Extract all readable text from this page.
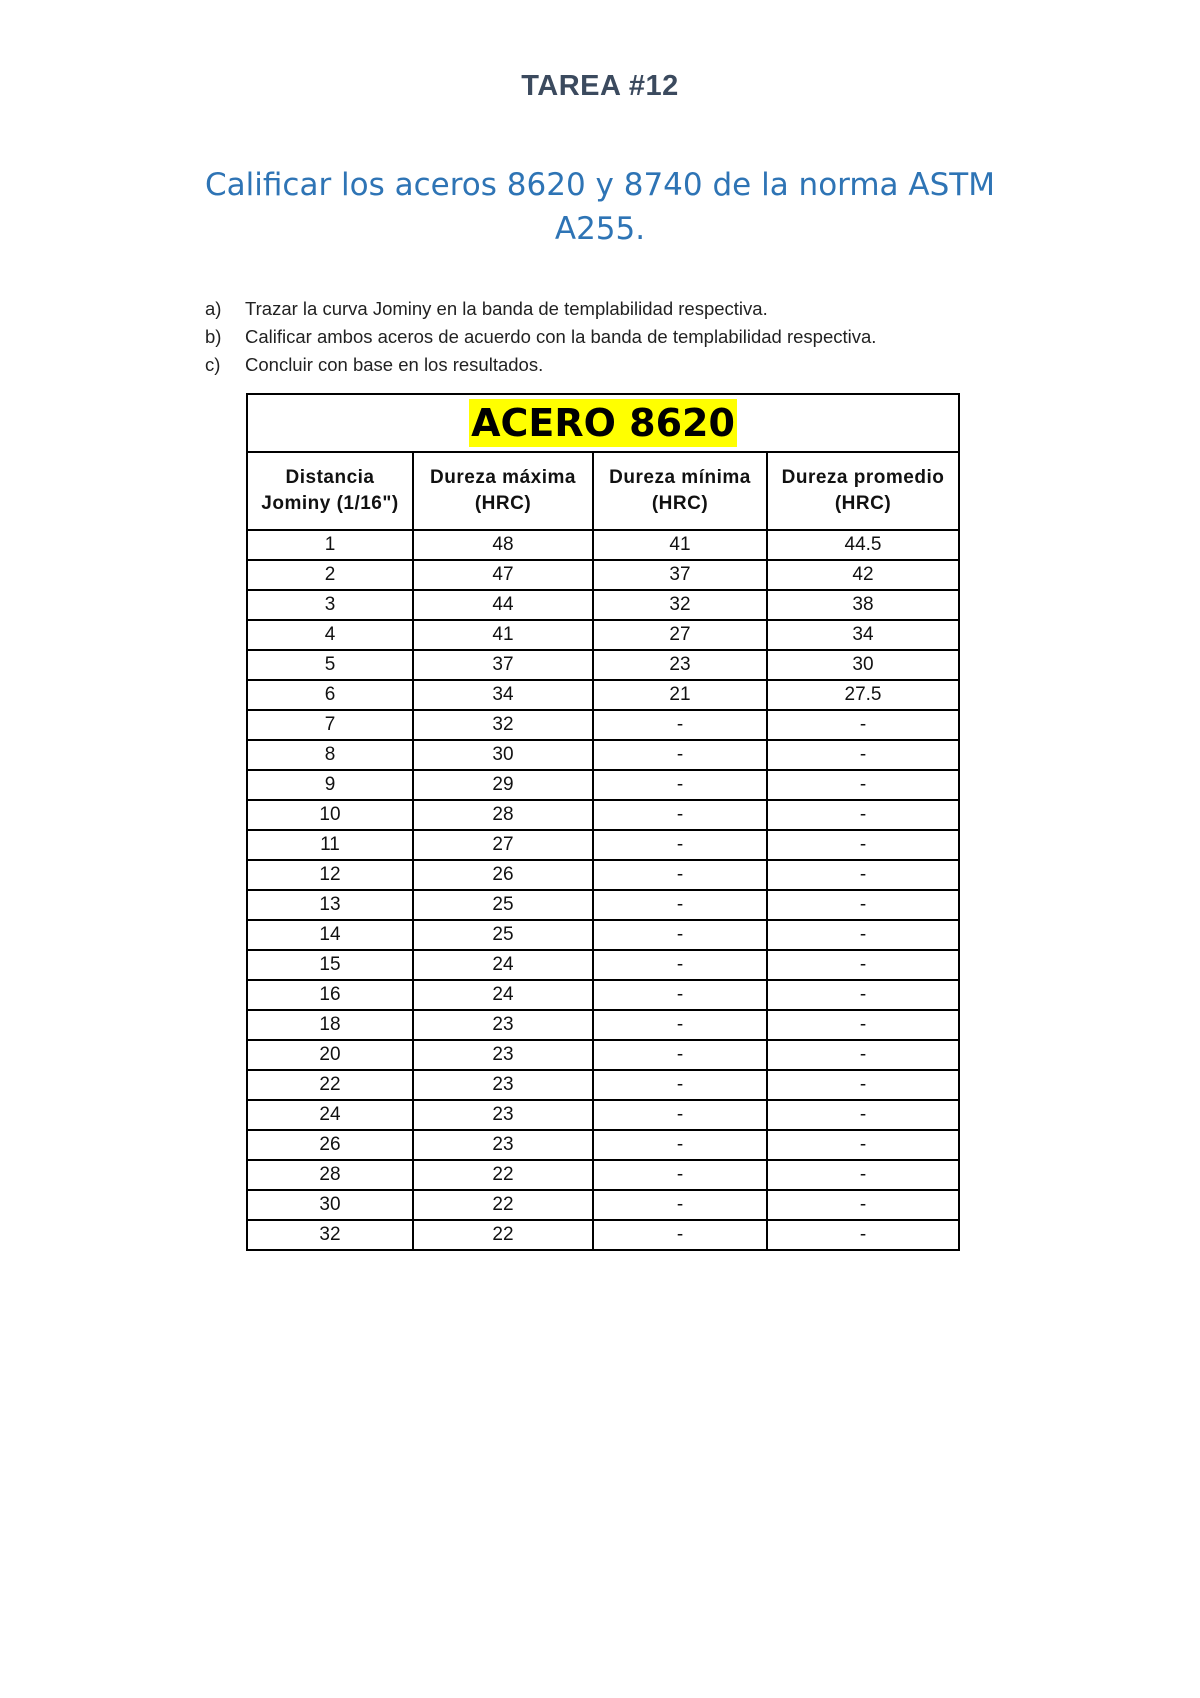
TAREA #12
Calificar los aceros 8620 y 8740 de la norma ASTM A255.
a)	Trazar la curva Jominy en la banda de templabilidad respectiva.
b)	Calificar ambos aceros de acuerdo con la banda de templabilidad respectiva.
c)	Concluir con base en los resultados.
ACERO 8620			
Distancia Jominy (1/16")	Dureza máxima (HRC)	Dureza mínima (HRC)	Dureza promedio (HRC)
1	48	41	44.5
2	47	37	42
3	44	32	38
4	41	27	34
5	37	23	30
6	34	21	27.5
7	32	-	-
8	30	-	-
9	29	-	-
10	28	-	-
11	27	-	-
12	26	-	-
13	25	-	-
14	25	-	-
15	24	-	-
16	24	-	-
18	23	-	-
20	23	-	-
22	23	-	-
24	23	-	-
26	23	-	-
28	22	-	-
30	22	-	-
32	22	-	-
